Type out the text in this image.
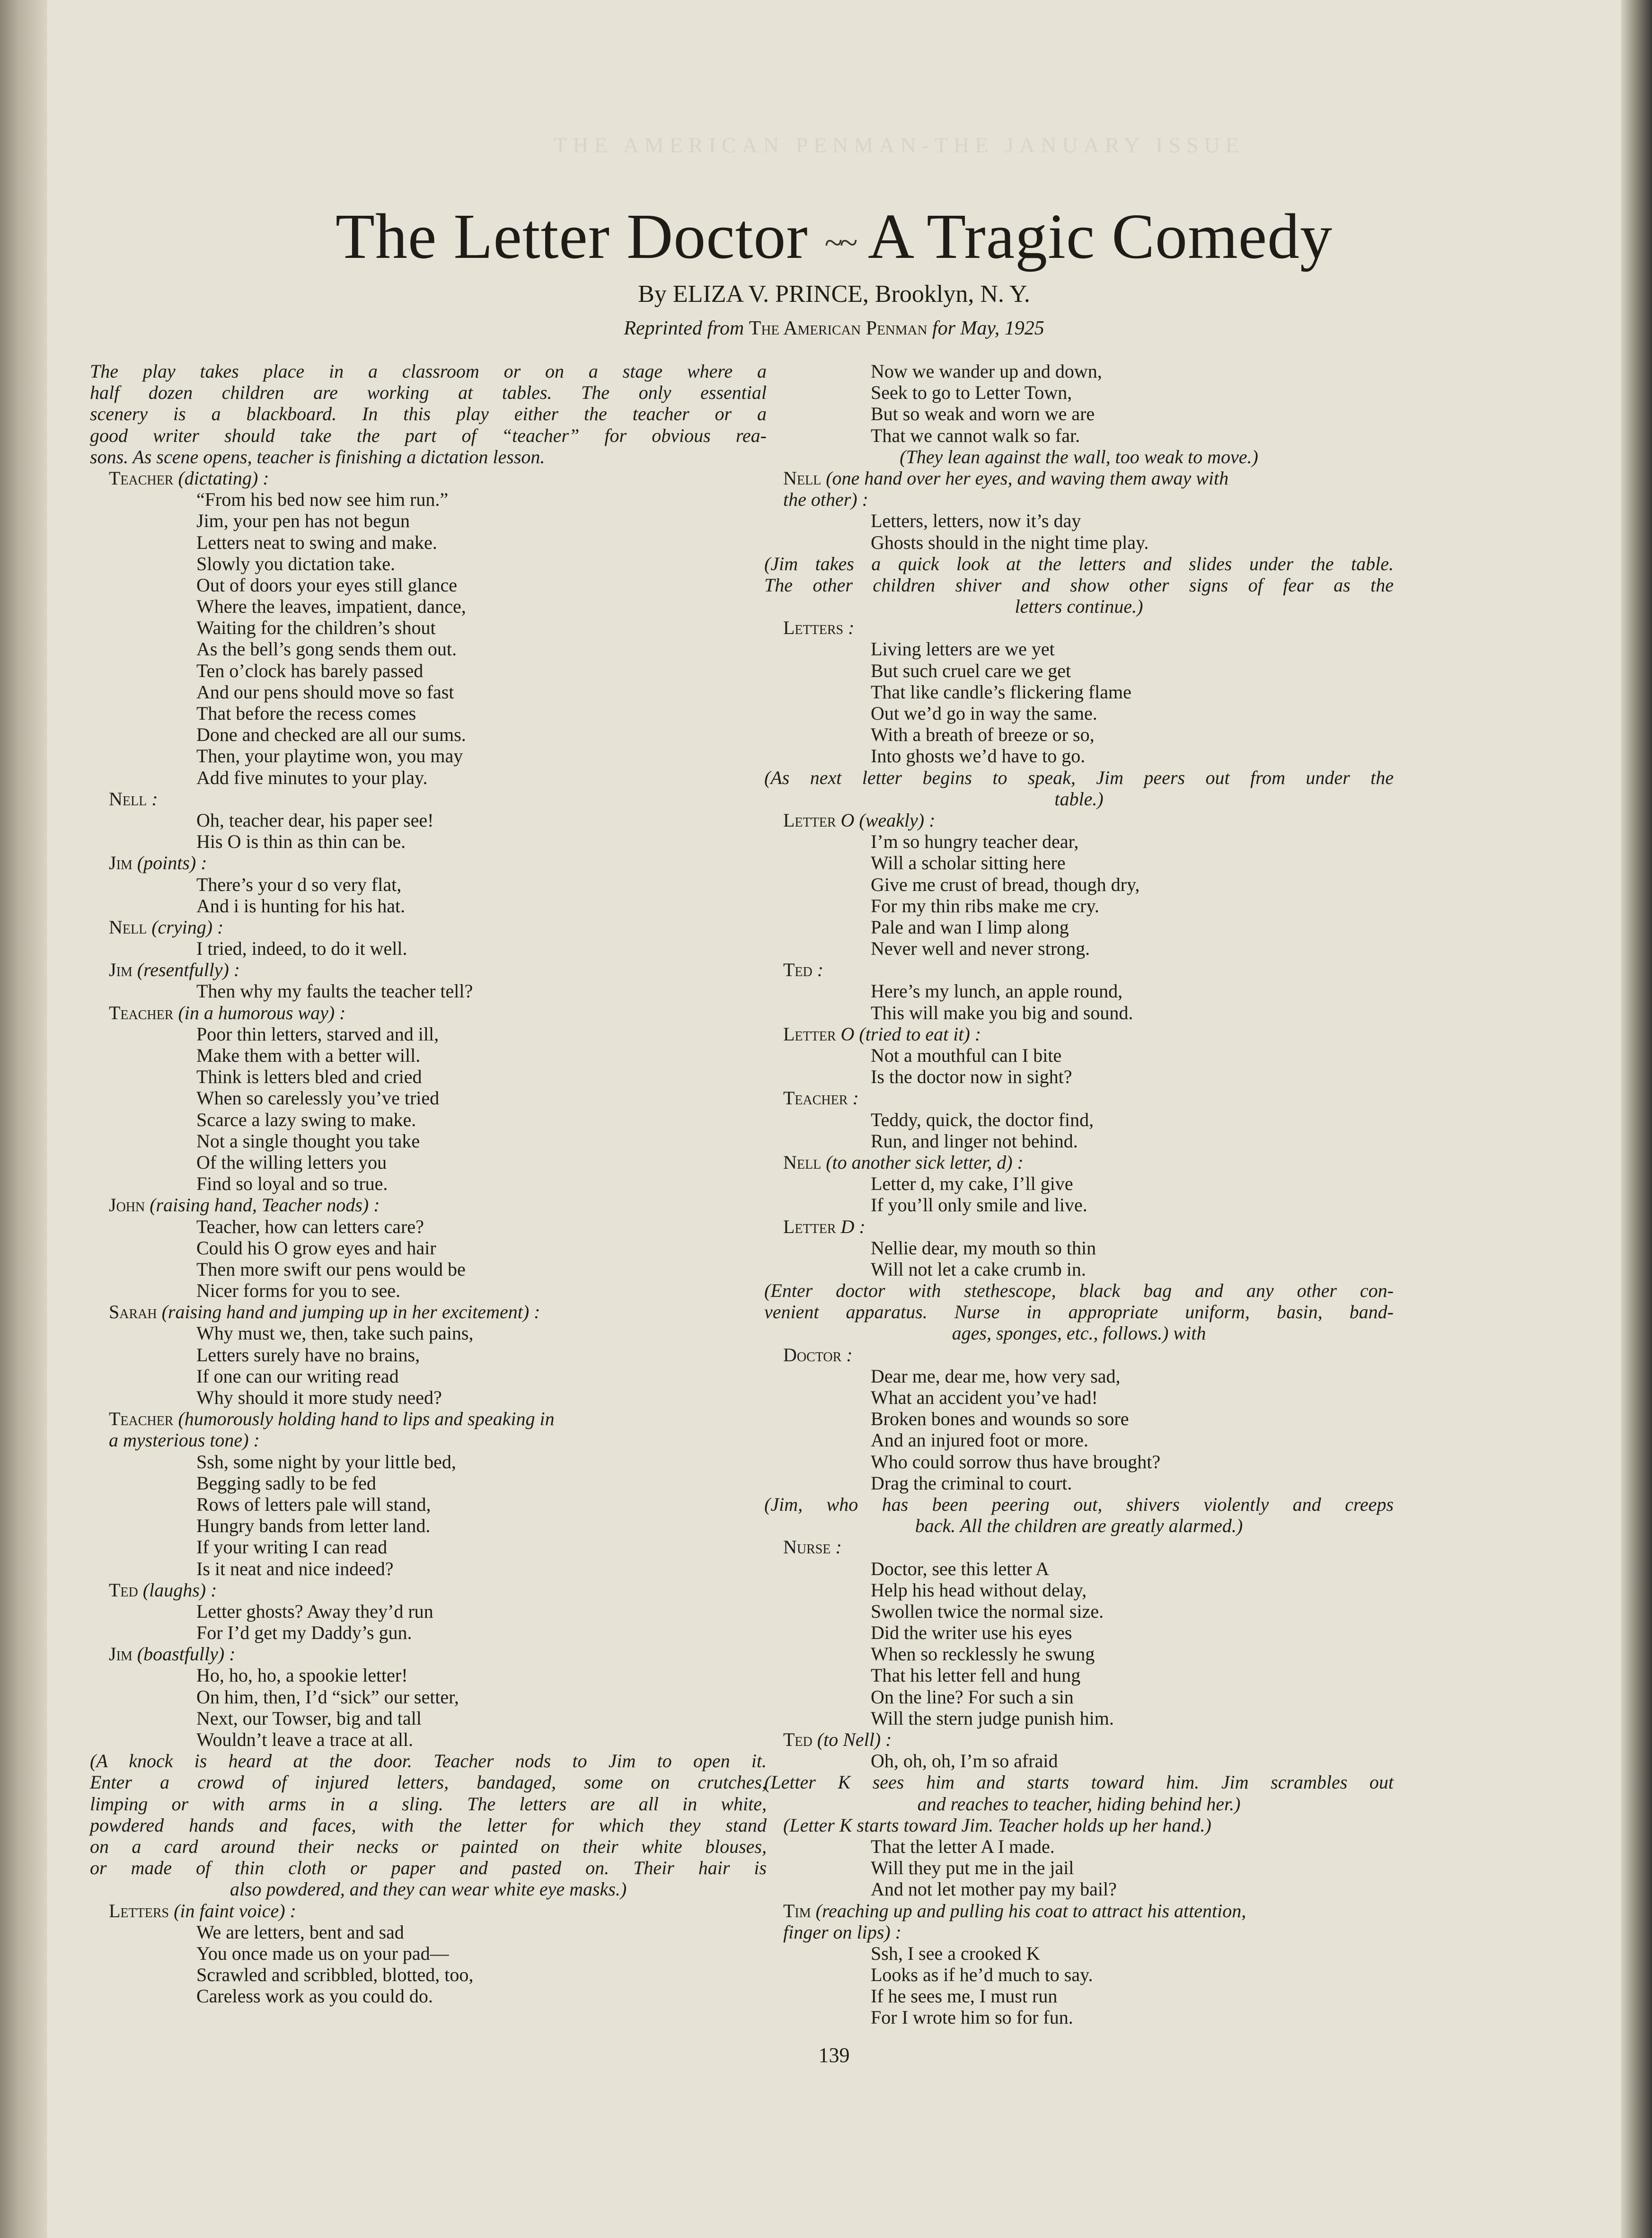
THE AMERICAN PENMAN-THE JANUARY ISSUE
The Letter Doctor ~~ A Tragic Comedy
By ELIZA V. PRINCE, Brooklyn, N. Y.
Reprinted from The American Penman for May, 1925
The play takes place in a classroom or on a stage where a
half dozen children are working at tables. The only essential
scenery is a blackboard. In this play either the teacher or a
good writer should take the part of “teacher” for obvious rea-
sons. As scene opens, teacher is finishing a dictation lesson.
Teacher (dictating) :
“From his bed now see him run.”
Jim, your pen has not begun
Letters neat to swing and make.
Slowly you dictation take.
Out of doors your eyes still glance
Where the leaves, impatient, dance,
Waiting for the children’s shout
As the bell’s gong sends them out.
Ten o’clock has barely passed
And our pens should move so fast
That before the recess comes
Done and checked are all our sums.
Then, your playtime won, you may
Add five minutes to your play.
Nell :
Oh, teacher dear, his paper see!
His O is thin as thin can be.
Jim (points) :
There’s your d so very flat,
And i is hunting for his hat.
Nell (crying) :
I tried, indeed, to do it well.
Jim (resentfully) :
Then why my faults the teacher tell?
Teacher (in a humorous way) :
Poor thin letters, starved and ill,
Make them with a better will.
Think is letters bled and cried
When so carelessly you’ve tried
Scarce a lazy swing to make.
Not a single thought you take
Of the willing letters you
Find so loyal and so true.
John (raising hand, Teacher nods) :
Teacher, how can letters care?
Could his O grow eyes and hair
Then more swift our pens would be
Nicer forms for you to see.
Sarah (raising hand and jumping up in her excitement) :
Why must we, then, take such pains,
Letters surely have no brains,
If one can our writing read
Why should it more study need?
Teacher (humorously holding hand to lips and speaking in
a mysterious tone) :
Ssh, some night by your little bed,
Begging sadly to be fed
Rows of letters pale will stand,
Hungry bands from letter land.
If your writing I can read
Is it neat and nice indeed?
Ted (laughs) :
Letter ghosts? Away they’d run
For I’d get my Daddy’s gun.
Jim (boastfully) :
Ho, ho, ho, a spookie letter!
On him, then, I’d “sick” our setter,
Next, our Towser, big and tall
Wouldn’t leave a trace at all.
(A knock is heard at the door. Teacher nods to Jim to open it.
Enter a crowd of injured letters, bandaged, some on crutches,
limping or with arms in a sling. The letters are all in white,
powdered hands and faces, with the letter for which they stand
on a card around their necks or painted on their white blouses,
or made of thin cloth or paper and pasted on. Their hair is
also powdered, and they can wear white eye masks.)
Letters (in faint voice) :
We are letters, bent and sad
You once made us on your pad—
Scrawled and scribbled, blotted, too,
Careless work as you could do.
Now we wander up and down,
Seek to go to Letter Town,
But so weak and worn we are
That we cannot walk so far.
(They lean against the wall, too weak to move.)
Nell (one hand over her eyes, and waving them away with
the other) :
Letters, letters, now it’s day
Ghosts should in the night time play.
(Jim takes a quick look at the letters and slides under the table.
The other children shiver and show other signs of fear as the
letters continue.)
Letters :
Living letters are we yet
But such cruel care we get
That like candle’s flickering flame
Out we’d go in way the same.
With a breath of breeze or so,
Into ghosts we’d have to go.
(As next letter begins to speak, Jim peers out from under the
table.)
Letter O (weakly) :
I’m so hungry teacher dear,
Will a scholar sitting here
Give me crust of bread, though dry,
For my thin ribs make me cry.
Pale and wan I limp along
Never well and never strong.
Ted :
Here’s my lunch, an apple round,
This will make you big and sound.
Letter O (tried to eat it) :
Not a mouthful can I bite
Is the doctor now in sight?
Teacher :
Teddy, quick, the doctor find,
Run, and linger not behind.
Nell (to another sick letter, d) :
Letter d, my cake, I’ll give
If you’ll only smile and live.
Letter D :
Nellie dear, my mouth so thin
Will not let a cake crumb in.
(Enter doctor with stethescope, black bag and any other con-
venient apparatus. Nurse in appropriate uniform, basin, band-
ages, sponges, etc., follows.) with
Doctor :
Dear me, dear me, how very sad,
What an accident you’ve had!
Broken bones and wounds so sore
And an injured foot or more.
Who could sorrow thus have brought?
Drag the criminal to court.
(Jim, who has been peering out, shivers violently and creeps
back. All the children are greatly alarmed.)
Nurse :
Doctor, see this letter A
Help his head without delay,
Swollen twice the normal size.
Did the writer use his eyes
When so recklessly he swung
That his letter fell and hung
On the line? For such a sin
Will the stern judge punish him.
Ted (to Nell) :
Oh, oh, oh, I’m so afraid
(Letter K sees him and starts toward him. Jim scrambles out
and reaches to teacher, hiding behind her.)
(Letter K starts toward Jim. Teacher holds up her hand.)
That the letter A I made.
Will they put me in the jail
And not let mother pay my bail?
Tim (reaching up and pulling his coat to attract his attention,
finger on lips) :
Ssh, I see a crooked K
Looks as if he’d much to say.
If he sees me, I must run
For I wrote him so for fun.
139
